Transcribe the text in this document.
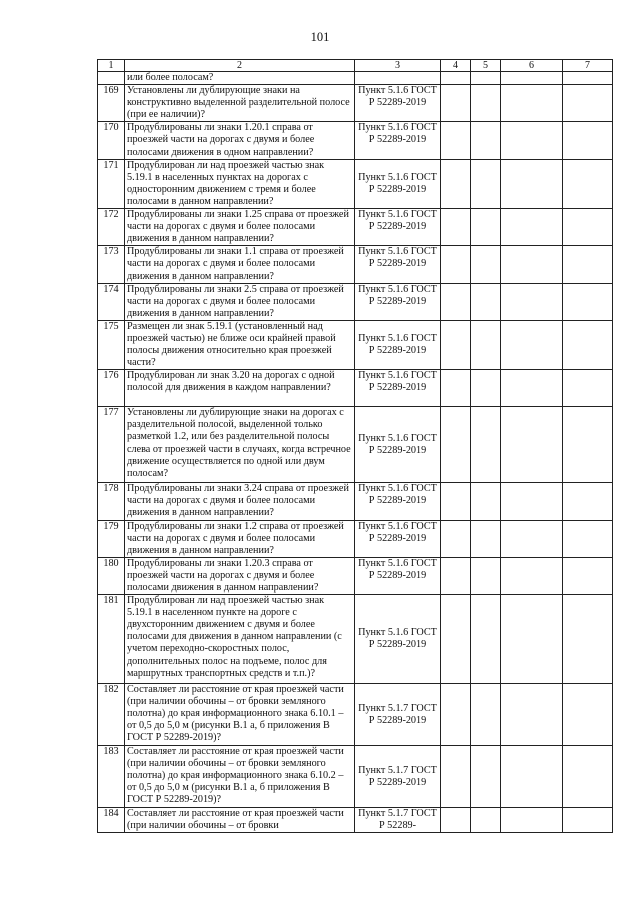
101
1	2	3	4	5	6	7
	или более полосам?					
169	Установлены ли дублирующие знаки на конструктивно выделенной разделительной полосе (при ее наличии)?	Пункт 5.1.6 ГОСТ Р 52289-2019				
170	Продублированы ли знаки 1.20.1 справа от проезжей части на дорогах с двумя и более полосами движения в одном направлении?	Пункт 5.1.6 ГОСТ Р 52289-2019				
171	Продублирован ли над проезжей частью знак 5.19.1 в населенных пунктах на дорогах с односторонним движением с тремя и более полосами в данном направлении?	Пункт 5.1.6 ГОСТ Р 52289-2019				
172	Продублированы ли знаки 1.25 справа от проезжей части на дорогах с двумя и более полосами движения в данном направлении?	Пункт 5.1.6 ГОСТ Р 52289-2019				
173	Продублированы ли знаки 1.1 справа от проезжей части на дорогах с двумя и более полосами движения в данном направлении?	Пункт 5.1.6 ГОСТ Р 52289-2019				
174	Продублированы ли знаки 2.5 справа от проезжей части на дорогах с двумя и более полосами движения в данном направлении?	Пункт 5.1.6 ГОСТ Р 52289-2019				
175	Размещен ли знак 5.19.1 (установленный над проезжей частью) не ближе оси крайней правой полосы движения относительно края проезжей части?	Пункт 5.1.6 ГОСТ Р 52289-2019				
176	Продублирован ли знак 3.20 на дорогах с одной полосой для движения в каждом направлении?	Пункт 5.1.6 ГОСТ Р 52289-2019				
177	Установлены ли дублирующие знаки на дорогах с разделительной полосой, выделенной только разметкой 1.2, или без разделительной полосы слева от проезжей части в случаях, когда встречное движение осуществляется по одной или двум полосам?	Пункт 5.1.6 ГОСТ Р 52289-2019				
178	Продублированы ли знаки 3.24 справа от проезжей части на дорогах с двумя и более полосами движения в данном направлении?	Пункт 5.1.6 ГОСТ Р 52289-2019				
179	Продублированы ли знаки 1.2 справа от проезжей части на дорогах с двумя и более полосами движения в данном направлении?	Пункт 5.1.6 ГОСТ Р 52289-2019				
180	Продублированы ли знаки 1.20.3 справа от проезжей части на дорогах с двумя и более полосами движения в данном направлении?	Пункт 5.1.6 ГОСТ Р 52289-2019				
181	Продублирован ли над проезжей частью знак 5.19.1 в населенном пункте на дороге с двухсторонним движением с двумя и более полосами для движения в данном направлении (с учетом переходно-скоростных полос, дополнительных полос на подъеме, полос для маршрутных транспортных средств и т.п.)?	Пункт 5.1.6 ГОСТ Р 52289-2019				
182	Составляет ли расстояние от края проезжей части (при наличии обочины – от бровки земляного полотна) до края информационного знака 6.10.1 – от 0,5 до 5,0 м (рисунки В.1 а, б приложения В ГОСТ Р 52289-2019)?	Пункт 5.1.7 ГОСТ Р 52289-2019				
183	Составляет ли расстояние от края проезжей части (при наличии обочины – от бровки земляного полотна) до края информационного знака 6.10.2 – от 0,5 до 5,0 м (рисунки В.1 а, б приложения В ГОСТ Р 52289-2019)?	Пункт 5.1.7 ГОСТ Р 52289-2019				
184	Составляет ли расстояние от края проезжей части (при наличии обочины – от бровки	Пункт 5.1.7 ГОСТ Р 52289-				
